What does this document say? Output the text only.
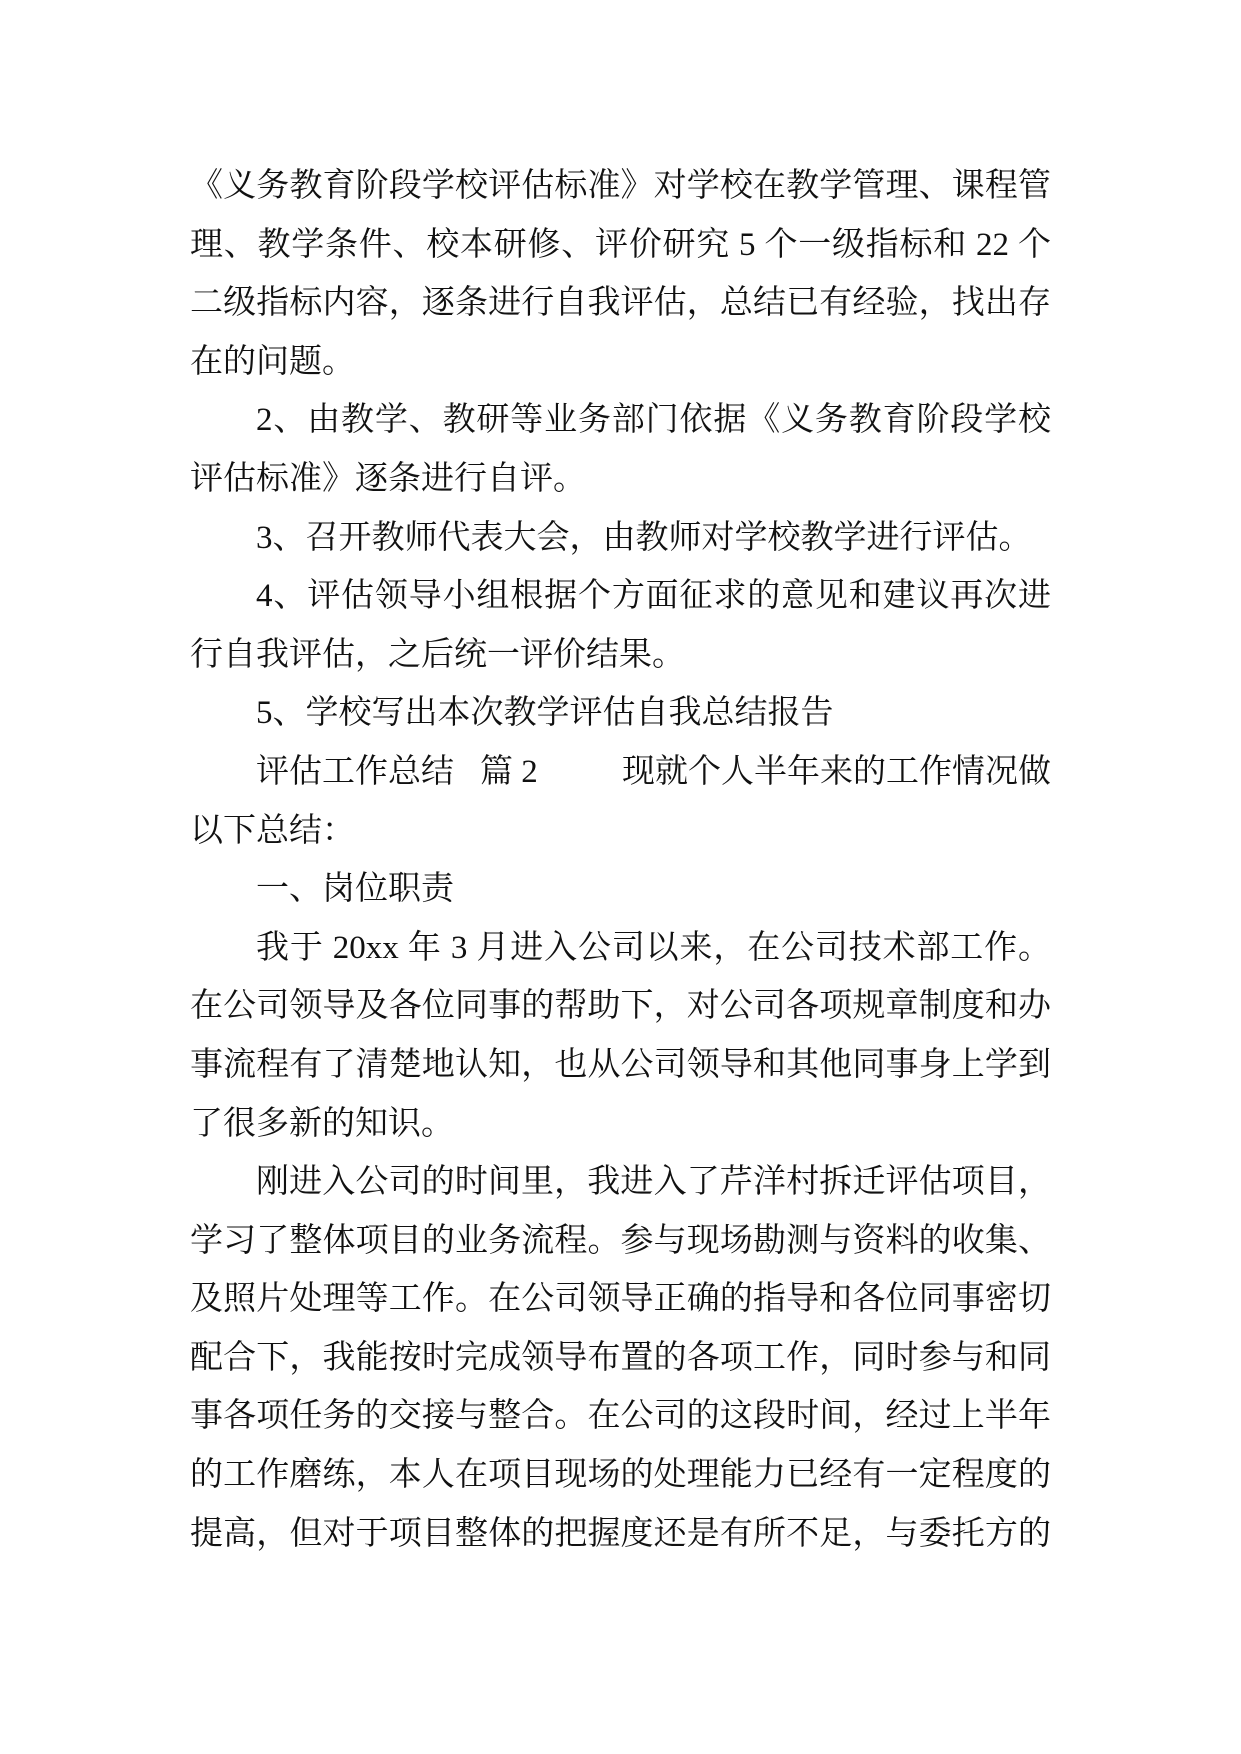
《义务教育阶段学校评估标准》对学校在教学管理、课程管
理、教学条件、校本研修、评价研究 5 个一级指标和 22 个
二级指标内容，逐条进行自我评估，总结已有经验，找出存
在的问题。
2、由教学、教研等业务部门依据《义务教育阶段学校
评估标准》逐条进行自评。
3、召开教师代表大会，由教师对学校教学进行评估。
4、评估领导小组根据个方面征求的意见和建议再次进
行自我评估，之后统一评价结果。
5、学校写出本次教学评估自我总结报告
评估工作总结 篇 2	现就个人半年来的工作情况做
以下总结：
一、岗位职责
我于 20xx 年 3 月进入公司以来，在公司技术部工作。
在公司领导及各位同事的帮助下，对公司各项规章制度和办
事流程有了清楚地认知，也从公司领导和其他同事身上学到
了很多新的知识。
刚进入公司的时间里，我进入了芹洋村拆迁评估项目，
学习了整体项目的业务流程。参与现场勘测与资料的收集、
及照片处理等工作。在公司领导正确的指导和各位同事密切
配合下，我能按时完成领导布置的各项工作，同时参与和同
事各项任务的交接与整合。在公司的这段时间，经过上半年
的工作磨练，本人在项目现场的处理能力已经有一定程度的
提高，但对于项目整体的把握度还是有所不足，与委托方的
